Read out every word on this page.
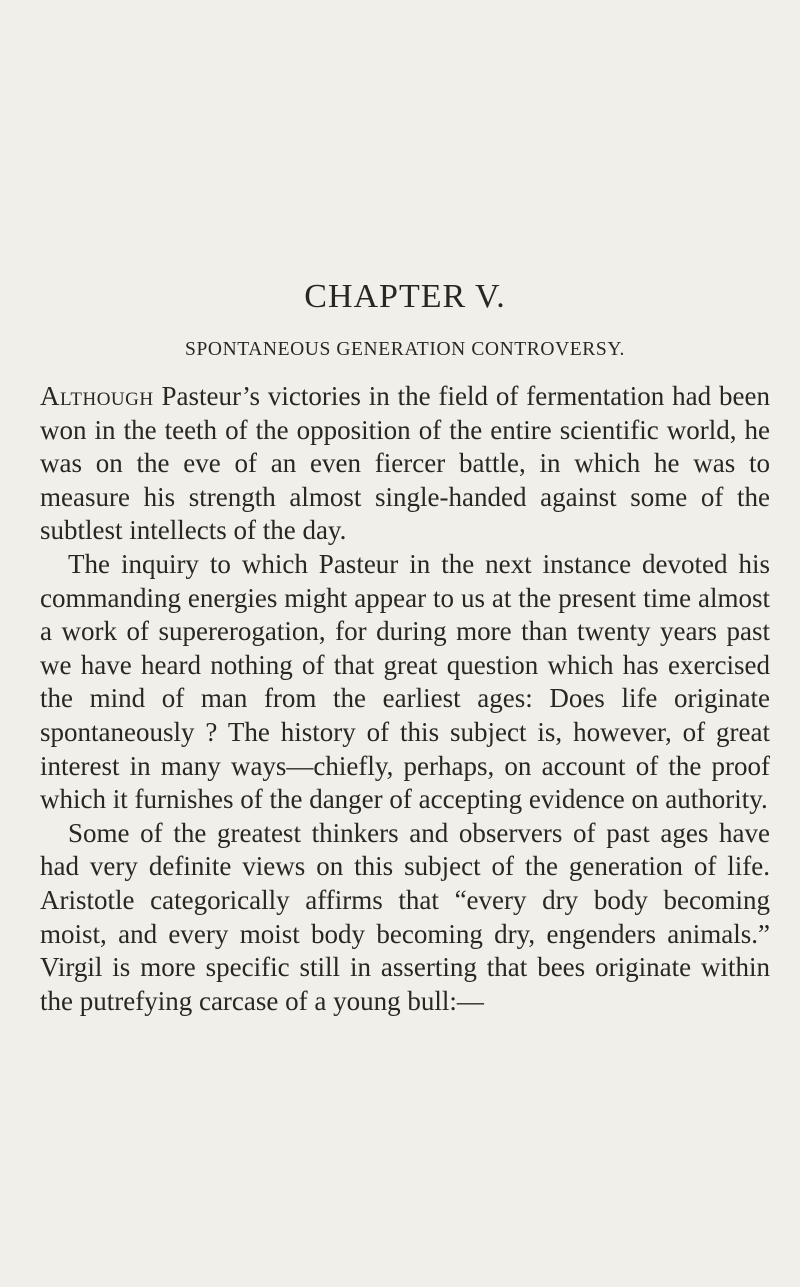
CHAPTER V.
SPONTANEOUS GENERATION CONTROVERSY.

Although Pasteur’s victories in the field of fermentation had been won in the teeth of the opposition of the entire scientific world, he was on the eve of an even fiercer battle, in which he was to measure his strength almost single-handed against some of the subtlest intellects of the day.

The inquiry to which Pasteur in the next instance devoted his commanding energies might appear to us at the present time almost a work of supererogation, for during more than twenty years past we have heard nothing of that great question which has exercised the mind of man from the earliest ages: Does life originate spontaneously ? The history of this subject is, however, of great interest in many ways—chiefly, perhaps, on account of the proof which it furnishes of the danger of accepting evidence on authority.

Some of the greatest thinkers and observers of past ages have had very definite views on this subject of the generation of life. Aristotle categorically affirms that “every dry body becoming moist, and every moist body becoming dry, engenders animals.” Virgil is more specific still in asserting that bees originate within the putrefying carcase of a young bull:—
